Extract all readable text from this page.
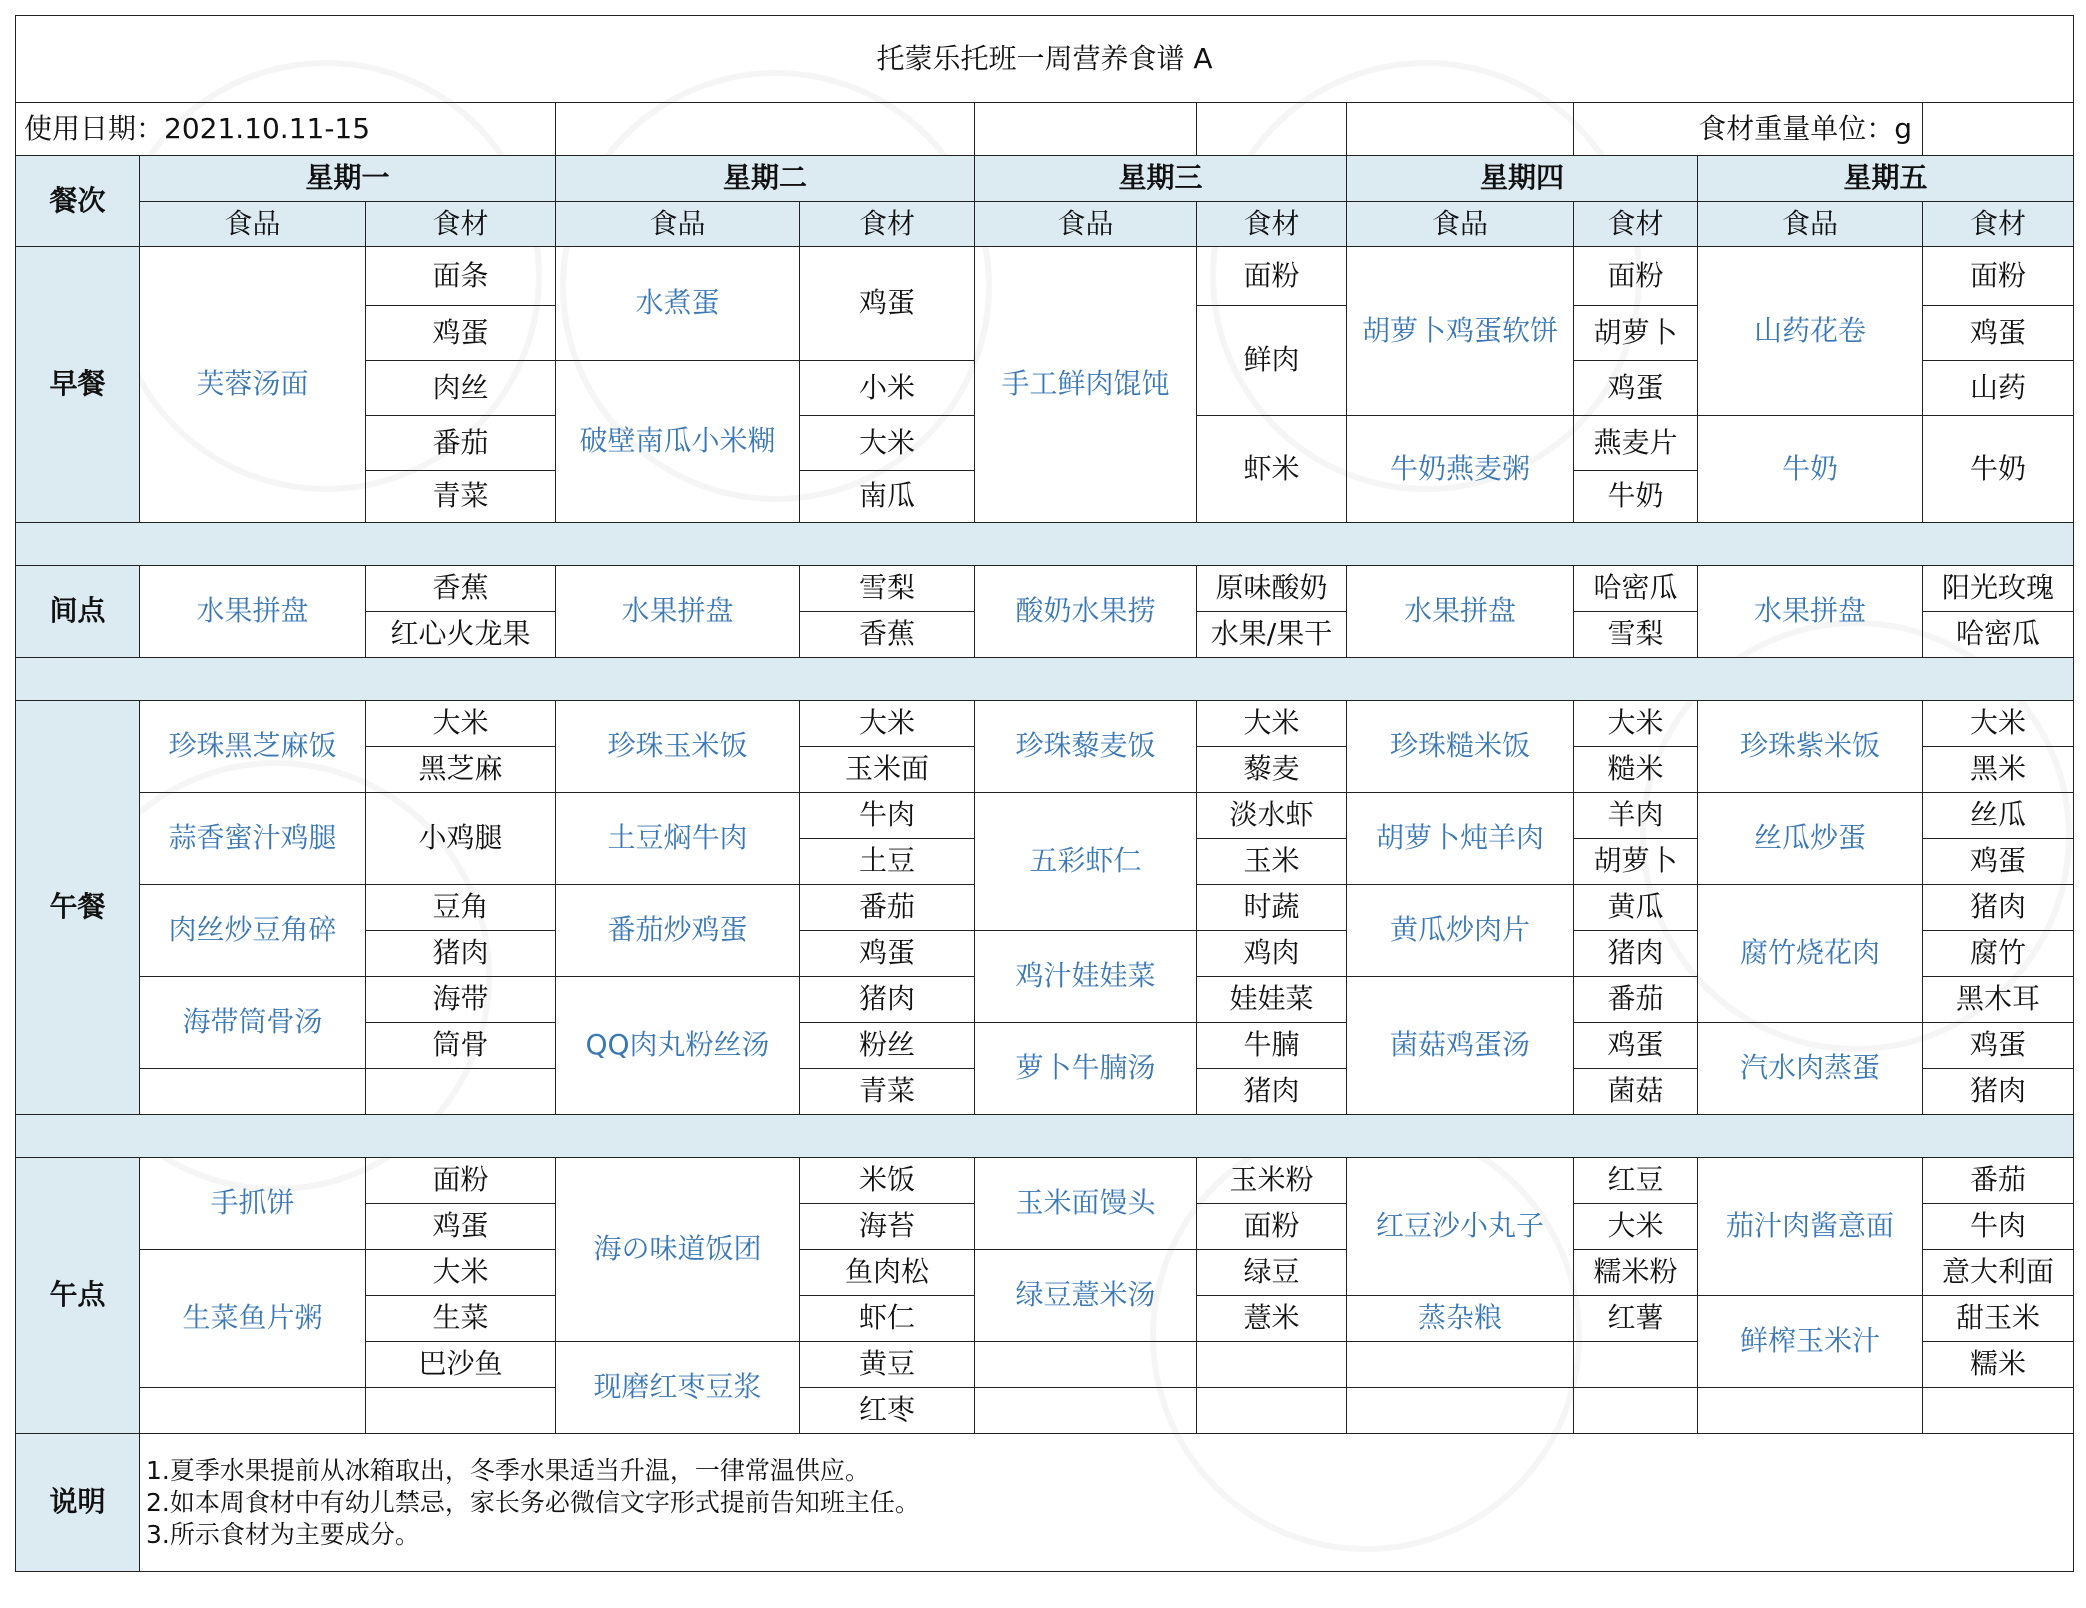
托蒙乐托班一周营养食谱 A										
使用日期：2021.10.11-15								食材重量单位：g		
餐次	星期一		星期二		星期三		星期四		星期五	
	食品	食材	食品	食材	食品	食材	食品	食材	食品	食材
早餐	芙蓉汤面	面条	水煮蛋	鸡蛋	手工鲜肉馄饨	面粉	胡萝卜鸡蛋软饼	面粉	山药花卷	面粉
		鸡蛋				鲜肉		胡萝卜		鸡蛋
		肉丝	破壁南瓜小米糊	小米				鸡蛋		山药
		番茄		大米		虾米	牛奶燕麦粥	燕麦片	牛奶	牛奶
		青菜		南瓜				牛奶		

间点	水果拼盘	香蕉	水果拼盘	雪梨	酸奶水果捞	原味酸奶	水果拼盘	哈密瓜	水果拼盘	阳光玫瑰
		红心火龙果		香蕉		水果/果干		雪梨		哈密瓜

午餐	珍珠黑芝麻饭	大米	珍珠玉米饭	大米	珍珠藜麦饭	大米	珍珠糙米饭	大米	珍珠紫米饭	大米
		黑芝麻		玉米面		藜麦		糙米		黑米
	蒜香蜜汁鸡腿	小鸡腿	土豆焖牛肉	牛肉	五彩虾仁	淡水虾	胡萝卜炖羊肉	羊肉	丝瓜炒蛋	丝瓜
				土豆		玉米		胡萝卜		鸡蛋
	肉丝炒豆角碎	豆角	番茄炒鸡蛋	番茄		时蔬	黄瓜炒肉片	黄瓜	腐竹烧花肉	猪肉
		猪肉		鸡蛋	鸡汁娃娃菜	鸡肉		猪肉		腐竹
	海带筒骨汤	海带	QQ肉丸粉丝汤	猪肉		娃娃菜	菌菇鸡蛋汤	番茄		黑木耳
		筒骨		粉丝	萝卜牛腩汤	牛腩		鸡蛋	汽水肉蒸蛋	鸡蛋
				青菜		猪肉		菌菇		猪肉

午点	手抓饼	面粉	海の味道饭团	米饭	玉米面馒头	玉米粉	红豆沙小丸子	红豆	茄汁肉酱意面	番茄
		鸡蛋		海苔		面粉		大米		牛肉
	生菜鱼片粥	大米		鱼肉松	绿豆薏米汤	绿豆		糯米粉		意大利面
		生菜		虾仁		薏米	蒸杂粮	红薯	鲜榨玉米汁	甜玉米
		巴沙鱼	现磨红枣豆浆	黄豆						糯米
				红枣						
说明	1.夏季水果提前从冰箱取出，冬季水果适当升温，一律常温供应。
2.如本周食材中有幼儿禁忌，家长务必微信文字形式提前告知班主任。
3.所示食材为主要成分。									
